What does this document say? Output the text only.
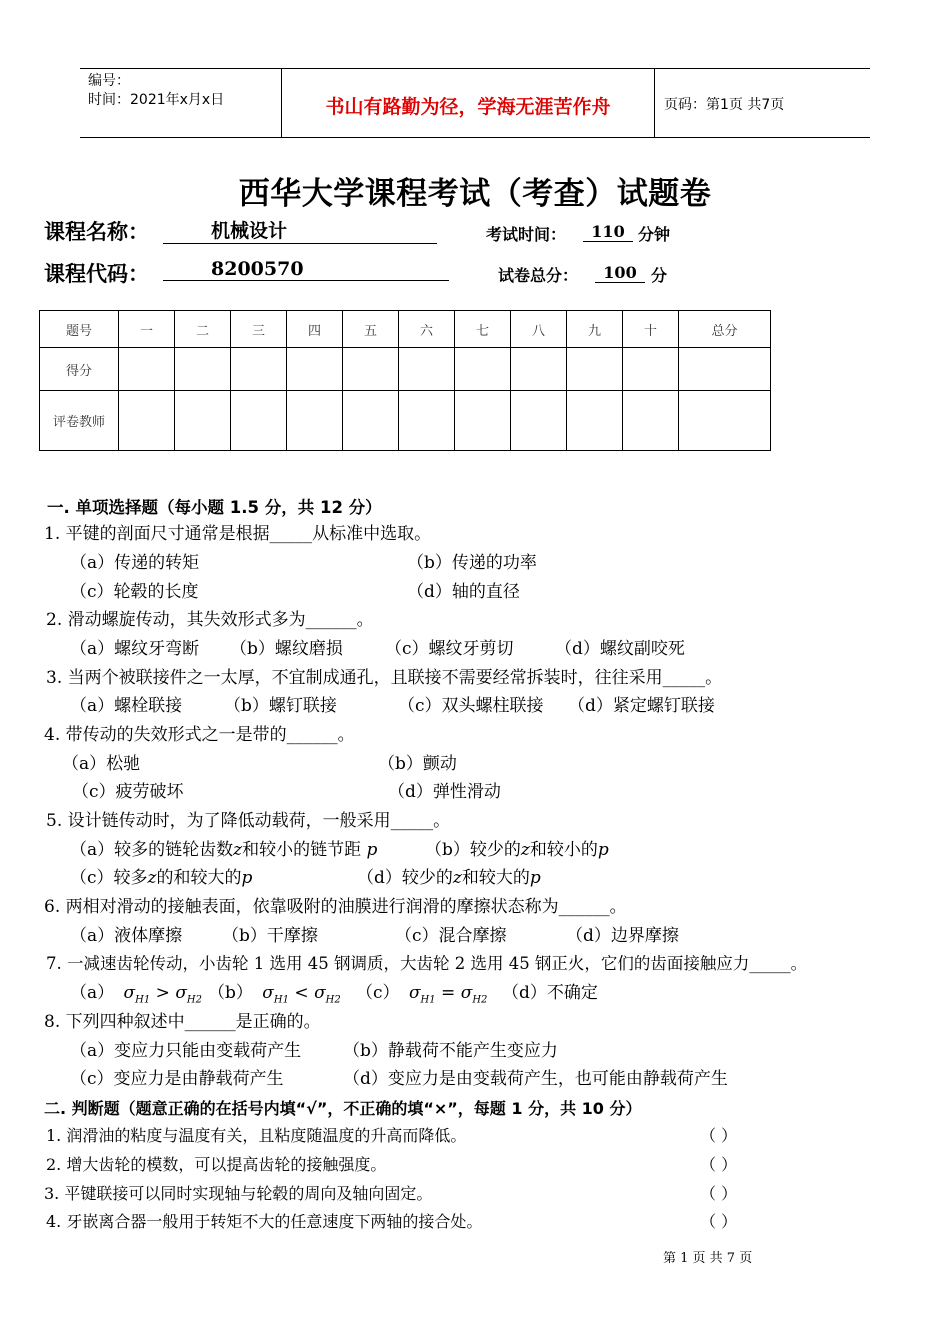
编号：
时间：2021年x月x日	书山有路勤为径，学海无涯苦作舟	页码：第1页 共7页
西华大学课程考试（考查）试题卷
课程名称：	机械设计	考试时间：	110 分钟
课程代码：	8200570	试卷总分：	100 分
题号	一	二	三	四	五	六	七	八	九	十	总分
得分											
评卷教师											
一. 单项选择题（每小题 1.5 分，共 12 分）
1. 平键的剖面尺寸通常是根据_____从标准中选取。
（a）传递的转矩	（b）传递的功率
（c）轮毂的长度	（d）轴的直径
2. 滑动螺旋传动，其失效形式多为______。
（a）螺纹牙弯断 （b）螺纹磨损 （c）螺纹牙剪切 （d）螺纹副咬死
3. 当两个被联接件之一太厚，不宜制成通孔，且联接不需要经常拆装时，往往采用_____。
（a）螺栓联接 （b）螺钉联接	（c）双头螺柱联接 （d）紧定螺钉联接
4. 带传动的失效形式之一是带的______。
（a）松驰	（b）颤动
（c）疲劳破坏	（d）弹性滑动
5. 设计链传动时，为了降低动载荷，一般采用_____。
（a）较多的链轮齿数z和较小的链节距 p	（b）较少的z和较小的p
（c）较多z的和较大的p	（d）较少的z和较大的p
6. 两相对滑动的接触表面，依靠吸附的油膜进行润滑的摩擦状态称为______。
（a）液体摩擦 （b）干摩擦	（c）混合摩擦	（d）边界摩擦
7. 一减速齿轮传动，小齿轮 1 选用 45 钢调质，大齿轮 2 选用 45 钢正火，它们的齿面接触应力_____。
（a） $\sigma_{H1} > \sigma_{H2}$ （b） $\sigma_{H1} < \sigma_{H2}$ （c） $\sigma_{H1} = \sigma_{H2}$ （d）不确定
8. 下列四种叙述中______是正确的。
（a）变应力只能由变载荷产生 （b）静载荷不能产生变应力
（c）变应力是由静载荷产生	（d）变应力是由变载荷产生，也可能由静载荷产生
二. 判断题（题意正确的在括号内填“√”，不正确的填“×”，每题 1 分，共 10 分）
1. 润滑油的粘度与温度有关，且粘度随温度的升高而降低。	（ ）
2. 增大齿轮的模数，可以提高齿轮的接触强度。	（ ）
3. 平键联接可以同时实现轴与轮毂的周向及轴向固定。	（ ）
4. 牙嵌离合器一般用于转矩不大的任意速度下两轴的接合处。	（ ）
第 1 页 共 7 页
